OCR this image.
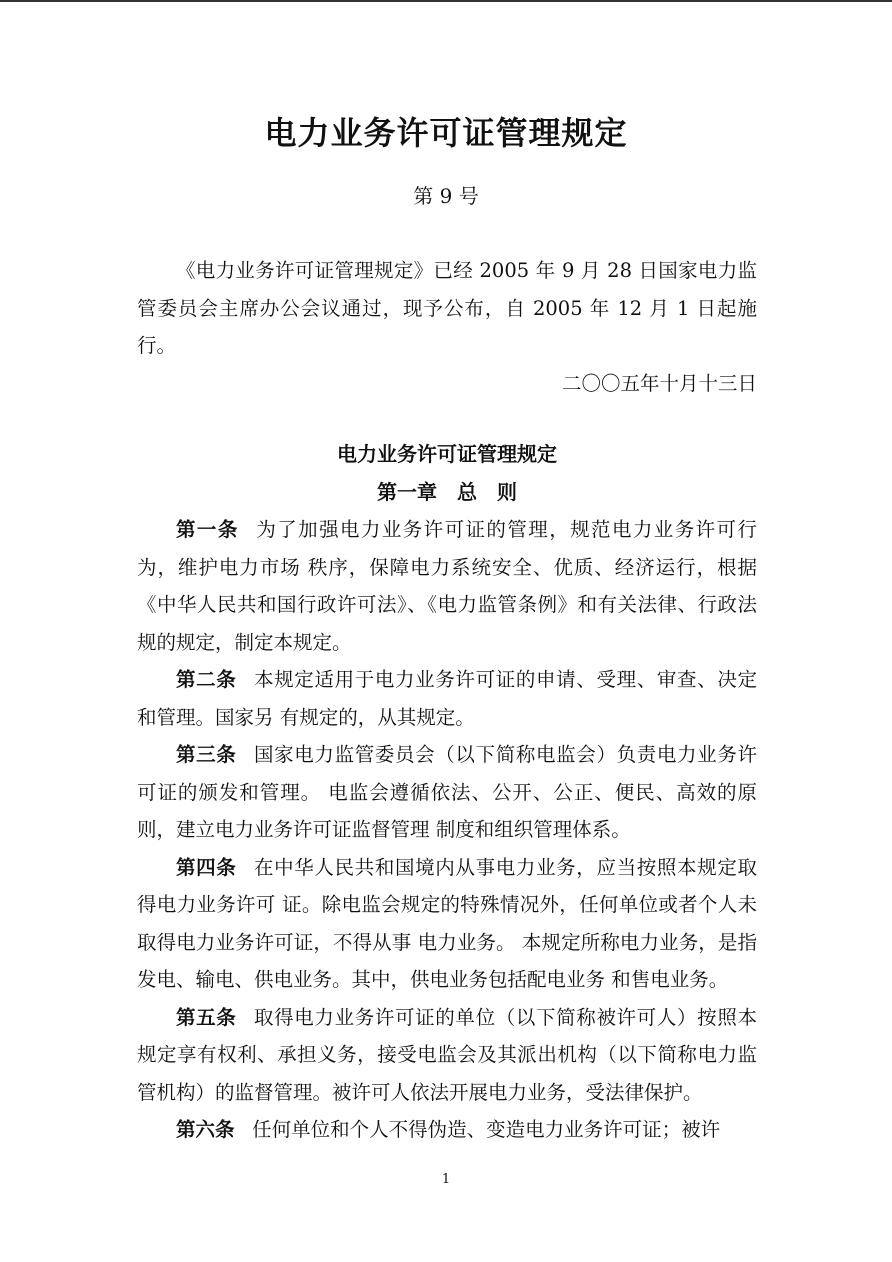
电力业务许可证管理规定
第 9 号

《电力业务许可证管理规定》已经 2005 年 9 月 28 日国家电力监管委员会主席办公会议通过，现予公布，自 2005 年 12 月 1 日起施行。

二〇〇五年十月十三日

电力业务许可证管理规定

第一章　总　则

第一条 为了加强电力业务许可证的管理，规范电力业务许可行为，维护电力市场 秩序，保障电力系统安全、优质、经济运行，根据《中华人民共和国行政许可法》、《电力监管条例》和有关法律、行政法规的规定，制定本规定。

第二条 本规定适用于电力业务许可证的申请、受理、审查、决定和管理。国家另 有规定的，从其规定。

第三条 国家电力监管委员会（以下简称电监会）负责电力业务许可证的颁发和管理。 电监会遵循依法、公开、公正、便民、高效的原则，建立电力业务许可证监督管理 制度和组织管理体系。

第四条 在中华人民共和国境内从事电力业务，应当按照本规定取得电力业务许可 证。除电监会规定的特殊情况外，任何单位或者个人未取得电力业务许可证，不得从事 电力业务。 本规定所称电力业务，是指发电、输电、供电业务。其中，供电业务包括配电业务 和售电业务。

第五条 取得电力业务许可证的单位（以下简称被许可人）按照本规定享有权利、承担义务，接受电监会及其派出机构（以下简称电力监管机构）的监督管理。被许可人依法开展电力业务，受法律保护。

第六条 任何单位和个人不得伪造、变造电力业务许可证；被许

1
